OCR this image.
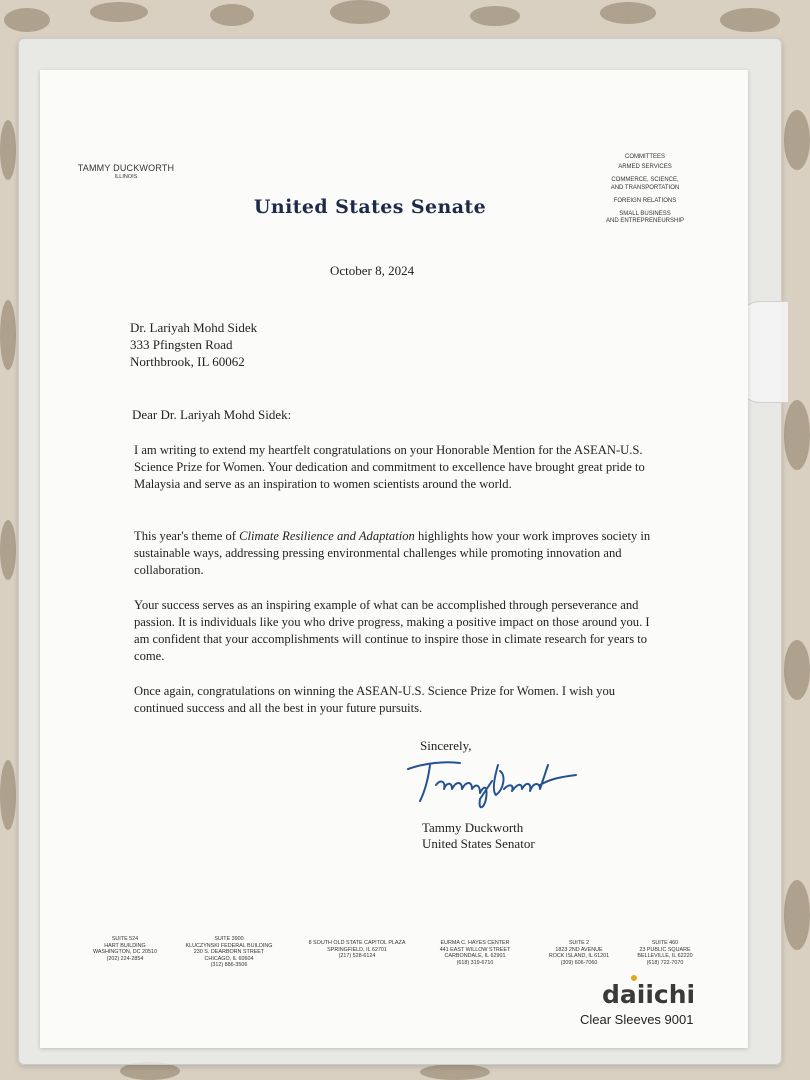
TAMMY DUCKWORTH
ILLINOIS
United States Senate
COMMITTEES
ARMED SERVICES
COMMERCE, SCIENCE,
AND TRANSPORTATION
FOREIGN RELATIONS
SMALL BUSINESS
AND ENTREPRENEURSHIP
October 8, 2024
Dr. Lariyah Mohd Sidek
333 Pfingsten Road
Northbrook, IL 60062
Dear Dr. Lariyah Mohd Sidek:
I am writing to extend my heartfelt congratulations on your Honorable Mention for the ASEAN-U.S. Science Prize for Women. Your dedication and commitment to excellence have brought great pride to Malaysia and serve as an inspiration to women scientists around the world.
This year's theme of Climate Resilience and Adaptation highlights how your work improves society in sustainable ways, addressing pressing environmental challenges while promoting innovation and collaboration.
Your success serves as an inspiring example of what can be accomplished through perseverance and passion. It is individuals like you who drive progress, making a positive impact on those around you. I am confident that your accomplishments will continue to inspire those in climate research for years to come.
Once again, congratulations on winning the ASEAN-U.S. Science Prize for Women. I wish you continued success and all the best in your future pursuits.
Sincerely,
Tammy Duckworth
United States Senator
SUITE 524
HART BUILDING
WASHINGTON, DC 20510
(202) 224-2854
SUITE 3900
KLUCZYNSKI FEDERAL BUILDING
230 S. DEARBORN STREET
CHICAGO, IL 60604
(312) 886-3506
8 SOUTH OLD STATE CAPITOL PLAZA
SPRINGFIELD, IL 62701
(217) 528-6124
EURMA C. HAYES CENTER
441 EAST WILLOW STREET
CARBONDALE, IL 62901
(618) 319-6710
SUITE 2
1823 2ND AVENUE
ROCK ISLAND, IL 61201
(309) 606-7060
SUITE 460
23 PUBLIC SQUARE
BELLEVILLE, IL 62220
(618) 722-7070
daiichi
Clear Sleeves 9001
